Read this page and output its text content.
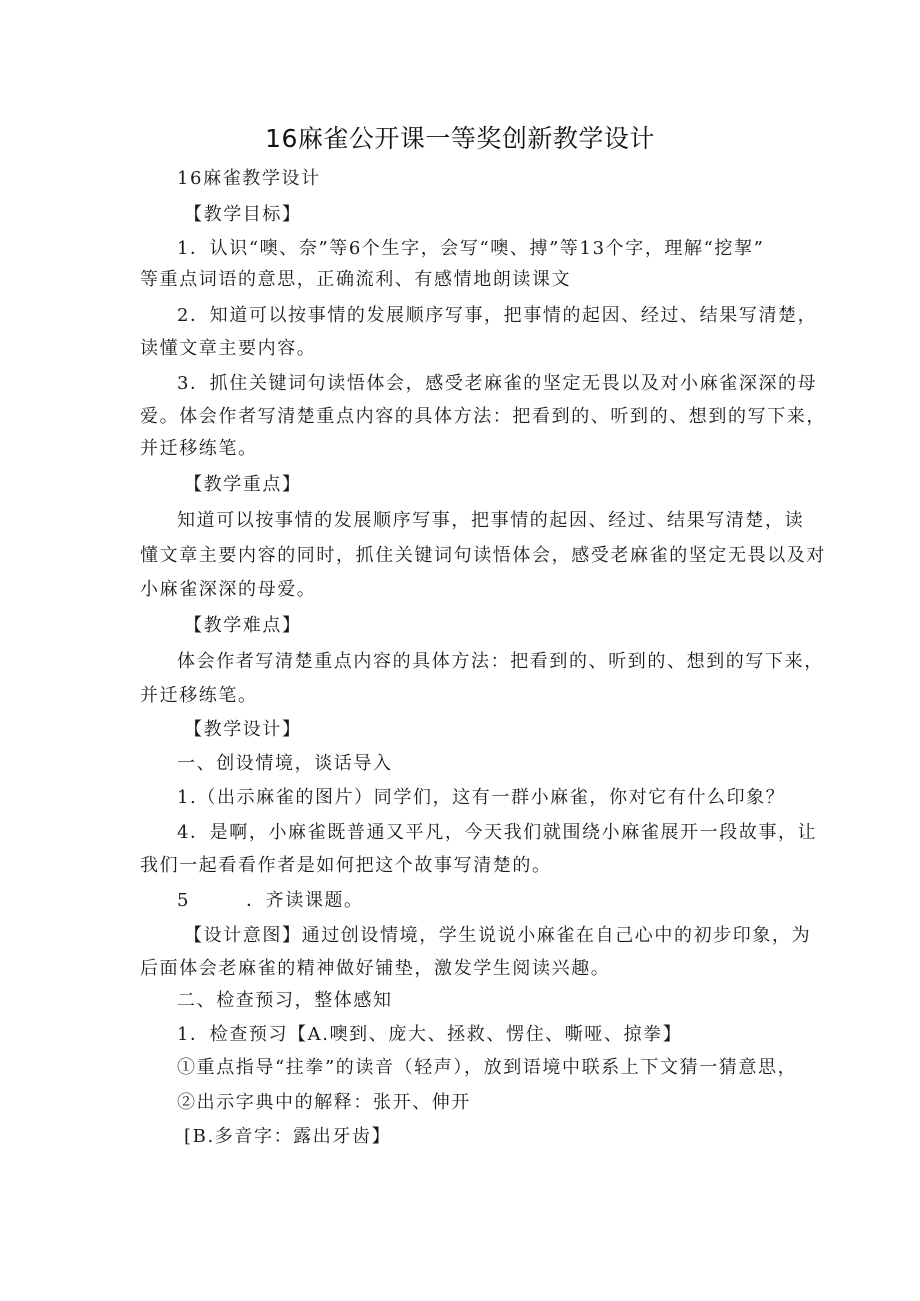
16麻雀公开课一等奖创新教学设计
16麻雀教学设计
【教学目标】
1．认识“噢、奈”等6个生字，会写“噢、搏”等13个字，理解“挖挈”
等重点词语的意思，正确流利、有感情地朗读课文
2．知道可以按事情的发展顺序写事，把事情的起因、经过、结果写清楚，
读懂文章主要内容。
3．抓住关键词句读悟体会，感受老麻雀的坚定无畏以及对小麻雀深深的母
爱。体会作者写清楚重点内容的具体方法：把看到的、听到的、想到的写下来，
并迁移练笔。
【教学重点】
知道可以按事情的发展顺序写事，把事情的起因、经过、结果写清楚，读
懂文章主要内容的同时，抓住关键词句读悟体会，感受老麻雀的坚定无畏以及对
小麻雀深深的母爱。
【教学难点】
体会作者写清楚重点内容的具体方法：把看到的、听到的、想到的写下来，
并迁移练笔。
【教学设计】
一、创设情境，谈话导入
1.（出示麻雀的图片）同学们，这有一群小麻雀，你对它有什么印象？
4．是啊，小麻雀既普通又平凡，今天我们就围绕小麻雀展开一段故事，让
我们一起看看作者是如何把这个故事写清楚的。
5	．齐读课题。
【设计意图】通过创设情境，学生说说小麻雀在自己心中的初步印象，为
后面体会老麻雀的精神做好铺垫，激发学生阅读兴趣。
二、检查预习，整体感知
1．检查预习【A.噢到、庞大、拯救、愣住、嘶哑、掠拳】
①重点指导“拄拳”的读音（轻声），放到语境中联系上下文猜一猜意思，
②出示字典中的解释：张开、伸开
[B.多音字：露出牙齿】
